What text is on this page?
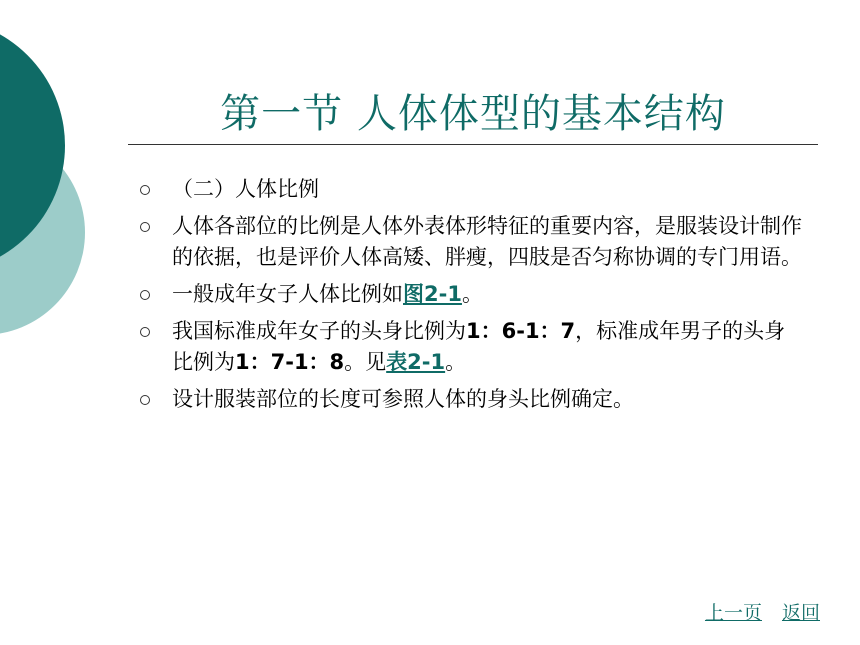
第一节 人体体型的基本结构
（二）人体比例
人体各部位的比例是人体外表体形特征的重要内容，是服装设计制作的依据，也是评价人体高矮、胖瘦，四肢是否匀称协调的专门用语。
一般成年女子人体比例如图2-1。
我国标准成年女子的头身比例为1：6-1：7，标准成年男子的头身比例为1：7-1：8。见表2-1。
设计服装部位的长度可参照人体的身头比例确定。
上一页 返回
